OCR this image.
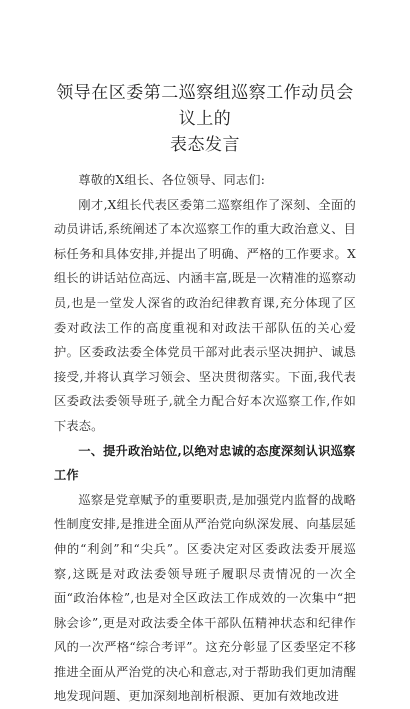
领导在区委第二巡察组巡察工作动员会议上的
表态发言

尊敬的X组长、各位领导、同志们:

刚才,X组长代表区委第二巡察组作了深刻、全面的动员讲话,系统阐述了本次巡察工作的重大政治意义、目标任务和具体安排,并提出了明确、严格的工作要求。X组长的讲话站位高远、内涵丰富,既是一次精准的巡察动员,也是一堂发人深省的政治纪律教育课,充分体现了区委对政法工作的高度重视和对政法干部队伍的关心爱护。区委政法委全体党员干部对此表示坚决拥护、诚恳接受,并将认真学习领会、坚决贯彻落实。下面,我代表区委政法委领导班子,就全力配合好本次巡察工作,作如下表态。

一、提升政治站位,以绝对忠诚的态度深刻认识巡察工作

巡察是党章赋予的重要职责,是加强党内监督的战略性制度安排,是推进全面从严治党向纵深发展、向基层延伸的“利剑”和“尖兵”。区委决定对区委政法委开展巡察,这既是对政法委领导班子履职尽责情况的一次全面“政治体检”,也是对全区政法工作成效的一次集中“把脉会诊”,更是对政法委全体干部队伍精神状态和纪律作风的一次严格“综合考评”。这充分彰显了区委坚定不移推进全面从严治党的决心和意志,对于帮助我们更加清醒地发现问题、更加深刻地剖析根源、更加有效地改进
